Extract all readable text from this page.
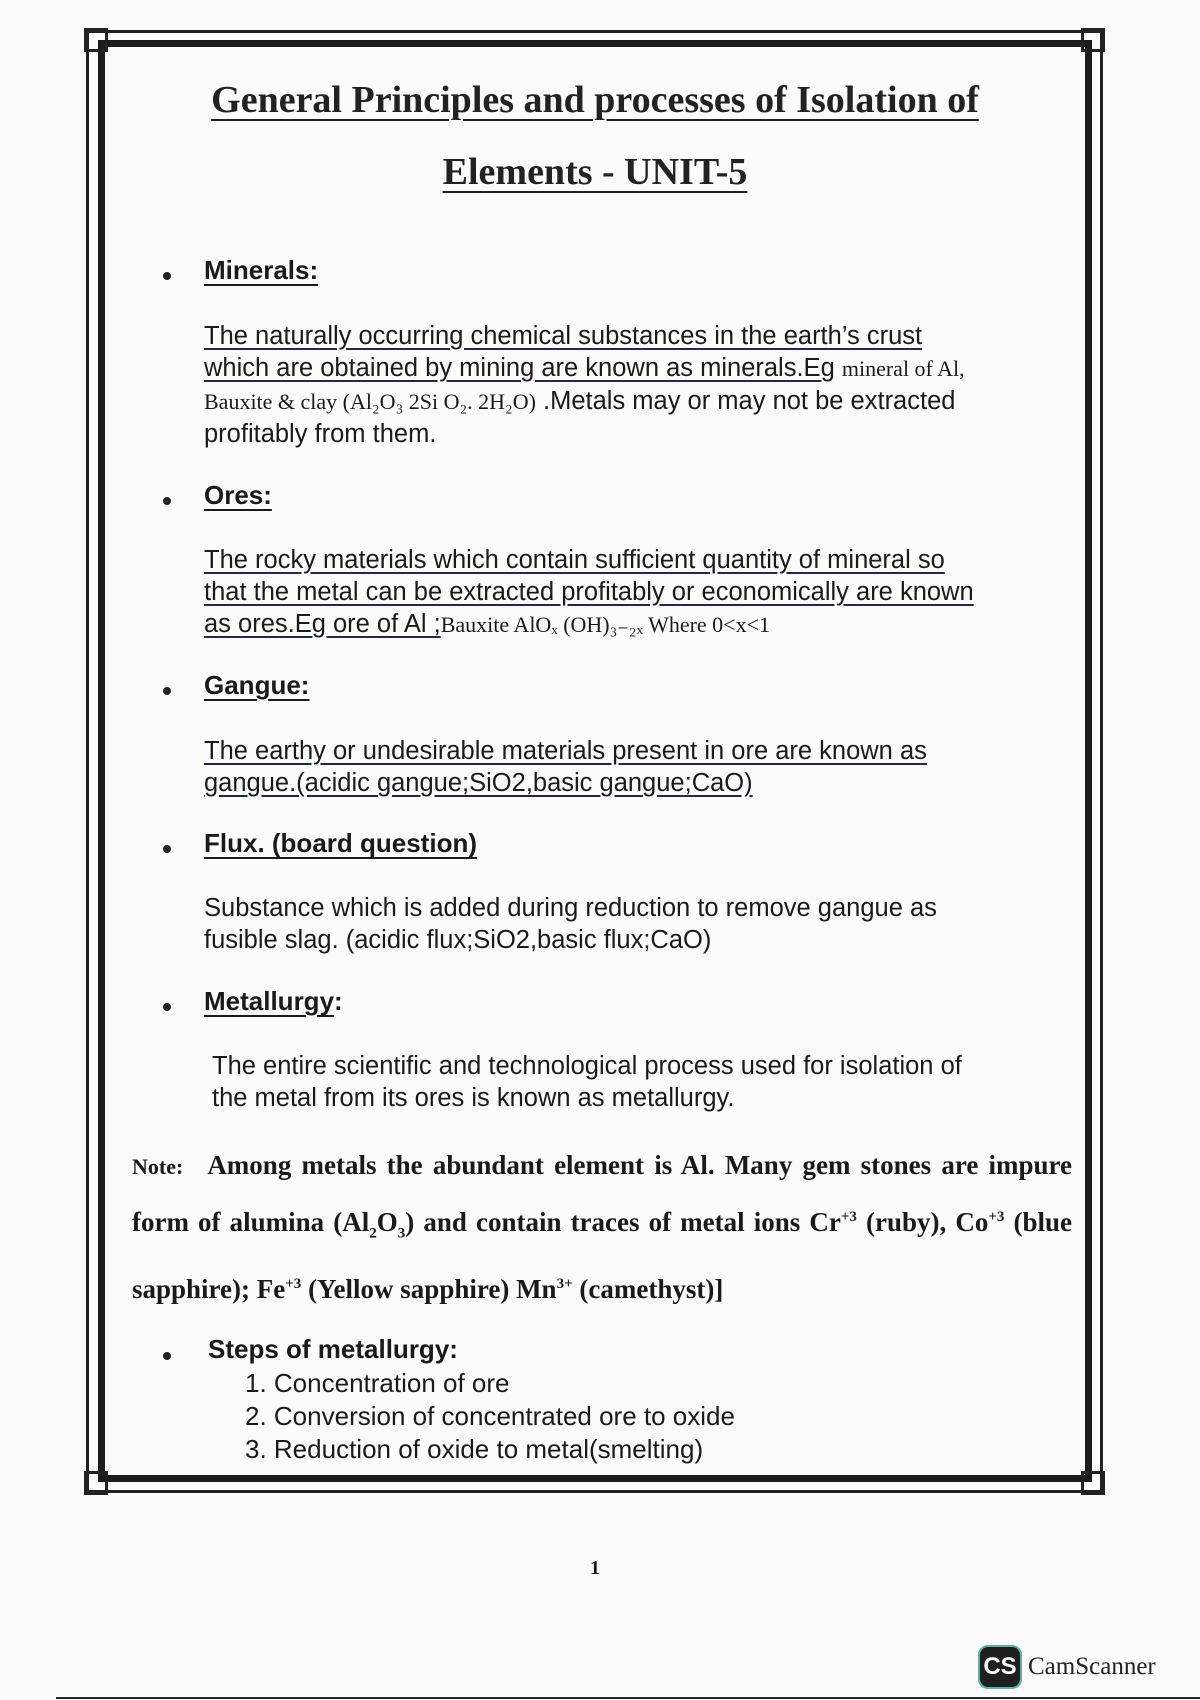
General Principles and processes of Isolation of
Elements - UNIT-5
Minerals:
The naturally occurring chemical substances in the earth’s crust
which are obtained by mining are known as minerals.Eg mineral of Al,
Bauxite & clay (Al₂O₃ 2Si O₂. 2H₂O) .Metals may or may not be extracted
profitably from them.
Ores:
The rocky materials which contain sufficient quantity of mineral so
that the metal can be extracted profitably or economically are known
as ores.Eg ore of Al ;Bauxite AlOₓ (OH)₃₋₂ₓ Where 0<x<1
Gangue:
The earthy or undesirable materials present in ore are known as
gangue.(acidic gangue;SiO2,basic gangue;CaO)
Flux. (board question)
Substance which is added during reduction to remove gangue as
fusible slag. (acidic flux;SiO2,basic flux;CaO)
Metallurgy:
The entire scientific and technological process used for isolation of
the metal from its ores is known as metallurgy.
Note: Among metals the abundant element is Al. Many gem stones are impure form of alumina $(Al_2O_3)$ and contain traces of metal ions $Cr^{+3}$ (ruby), $Co^{+3}$ (blue sapphire); $Fe^{+3}$ (Yellow sapphire) $Mn^{3+}$ (camethyst)]
Steps of metallurgy:
1. Concentration of ore
2. Conversion of concentrated ore to oxide
3. Reduction of oxide to metal(smelting)
1
CS CamScanner
